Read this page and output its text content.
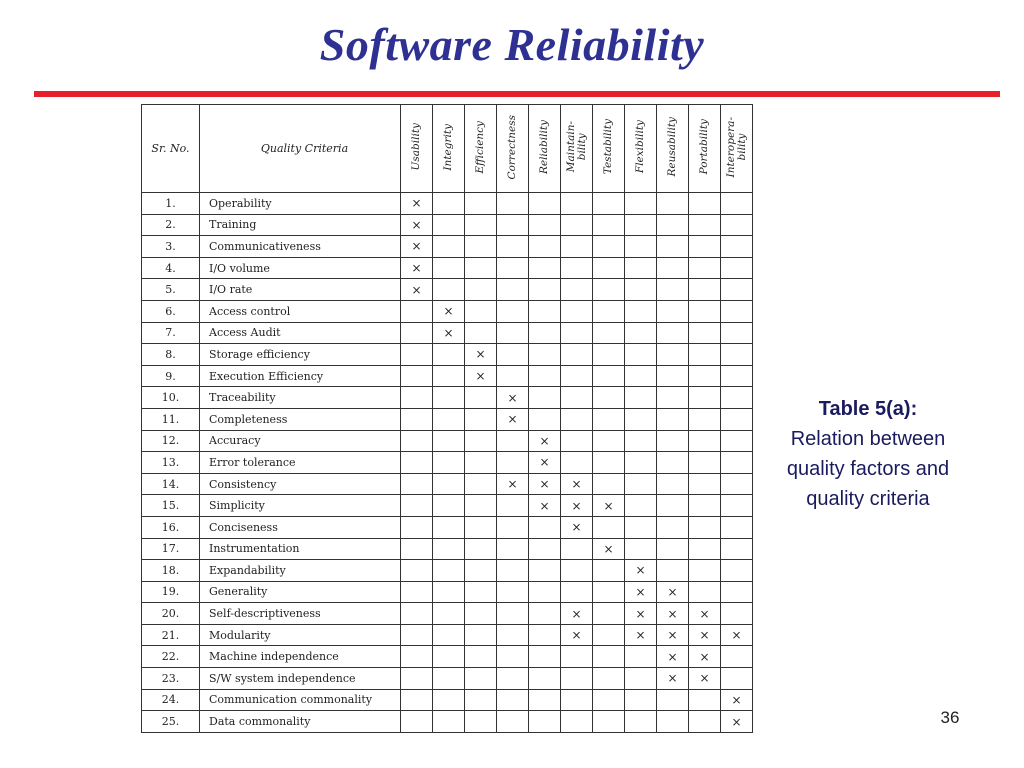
Software Reliability
Sr. No.	Quality Criteria	Usability	Integrity	Efficiency	Correctness	Reliability	Maintain-
bility	Testability	Flexibility	Reusability	Portability	Interopera-
bility
1.	Operability	×										
2.	Training	×										
3.	Communicativeness	×										
4.	I/O volume	×										
5.	I/O rate	×										
6.	Access control		×									
7.	Access Audit		×									
8.	Storage efficiency			×								
9.	Execution Efficiency			×								
10.	Traceability				×							
11.	Completeness				×							
12.	Accuracy					×						
13.	Error tolerance					×						
14.	Consistency				×	×	×					
15.	Simplicity					×	×	×				
16.	Conciseness						×					
17.	Instrumentation							×				
18.	Expandability								×			
19.	Generality								×	×		
20.	Self-descriptiveness						×		×	×	×	
21.	Modularity						×		×	×	×	×
22.	Machine independence									×	×	
23.	S/W system independence									×	×	
24.	Communication commonality											×
25.	Data commonality											×
Table 5(a):
Relation between quality factors and quality criteria
36
